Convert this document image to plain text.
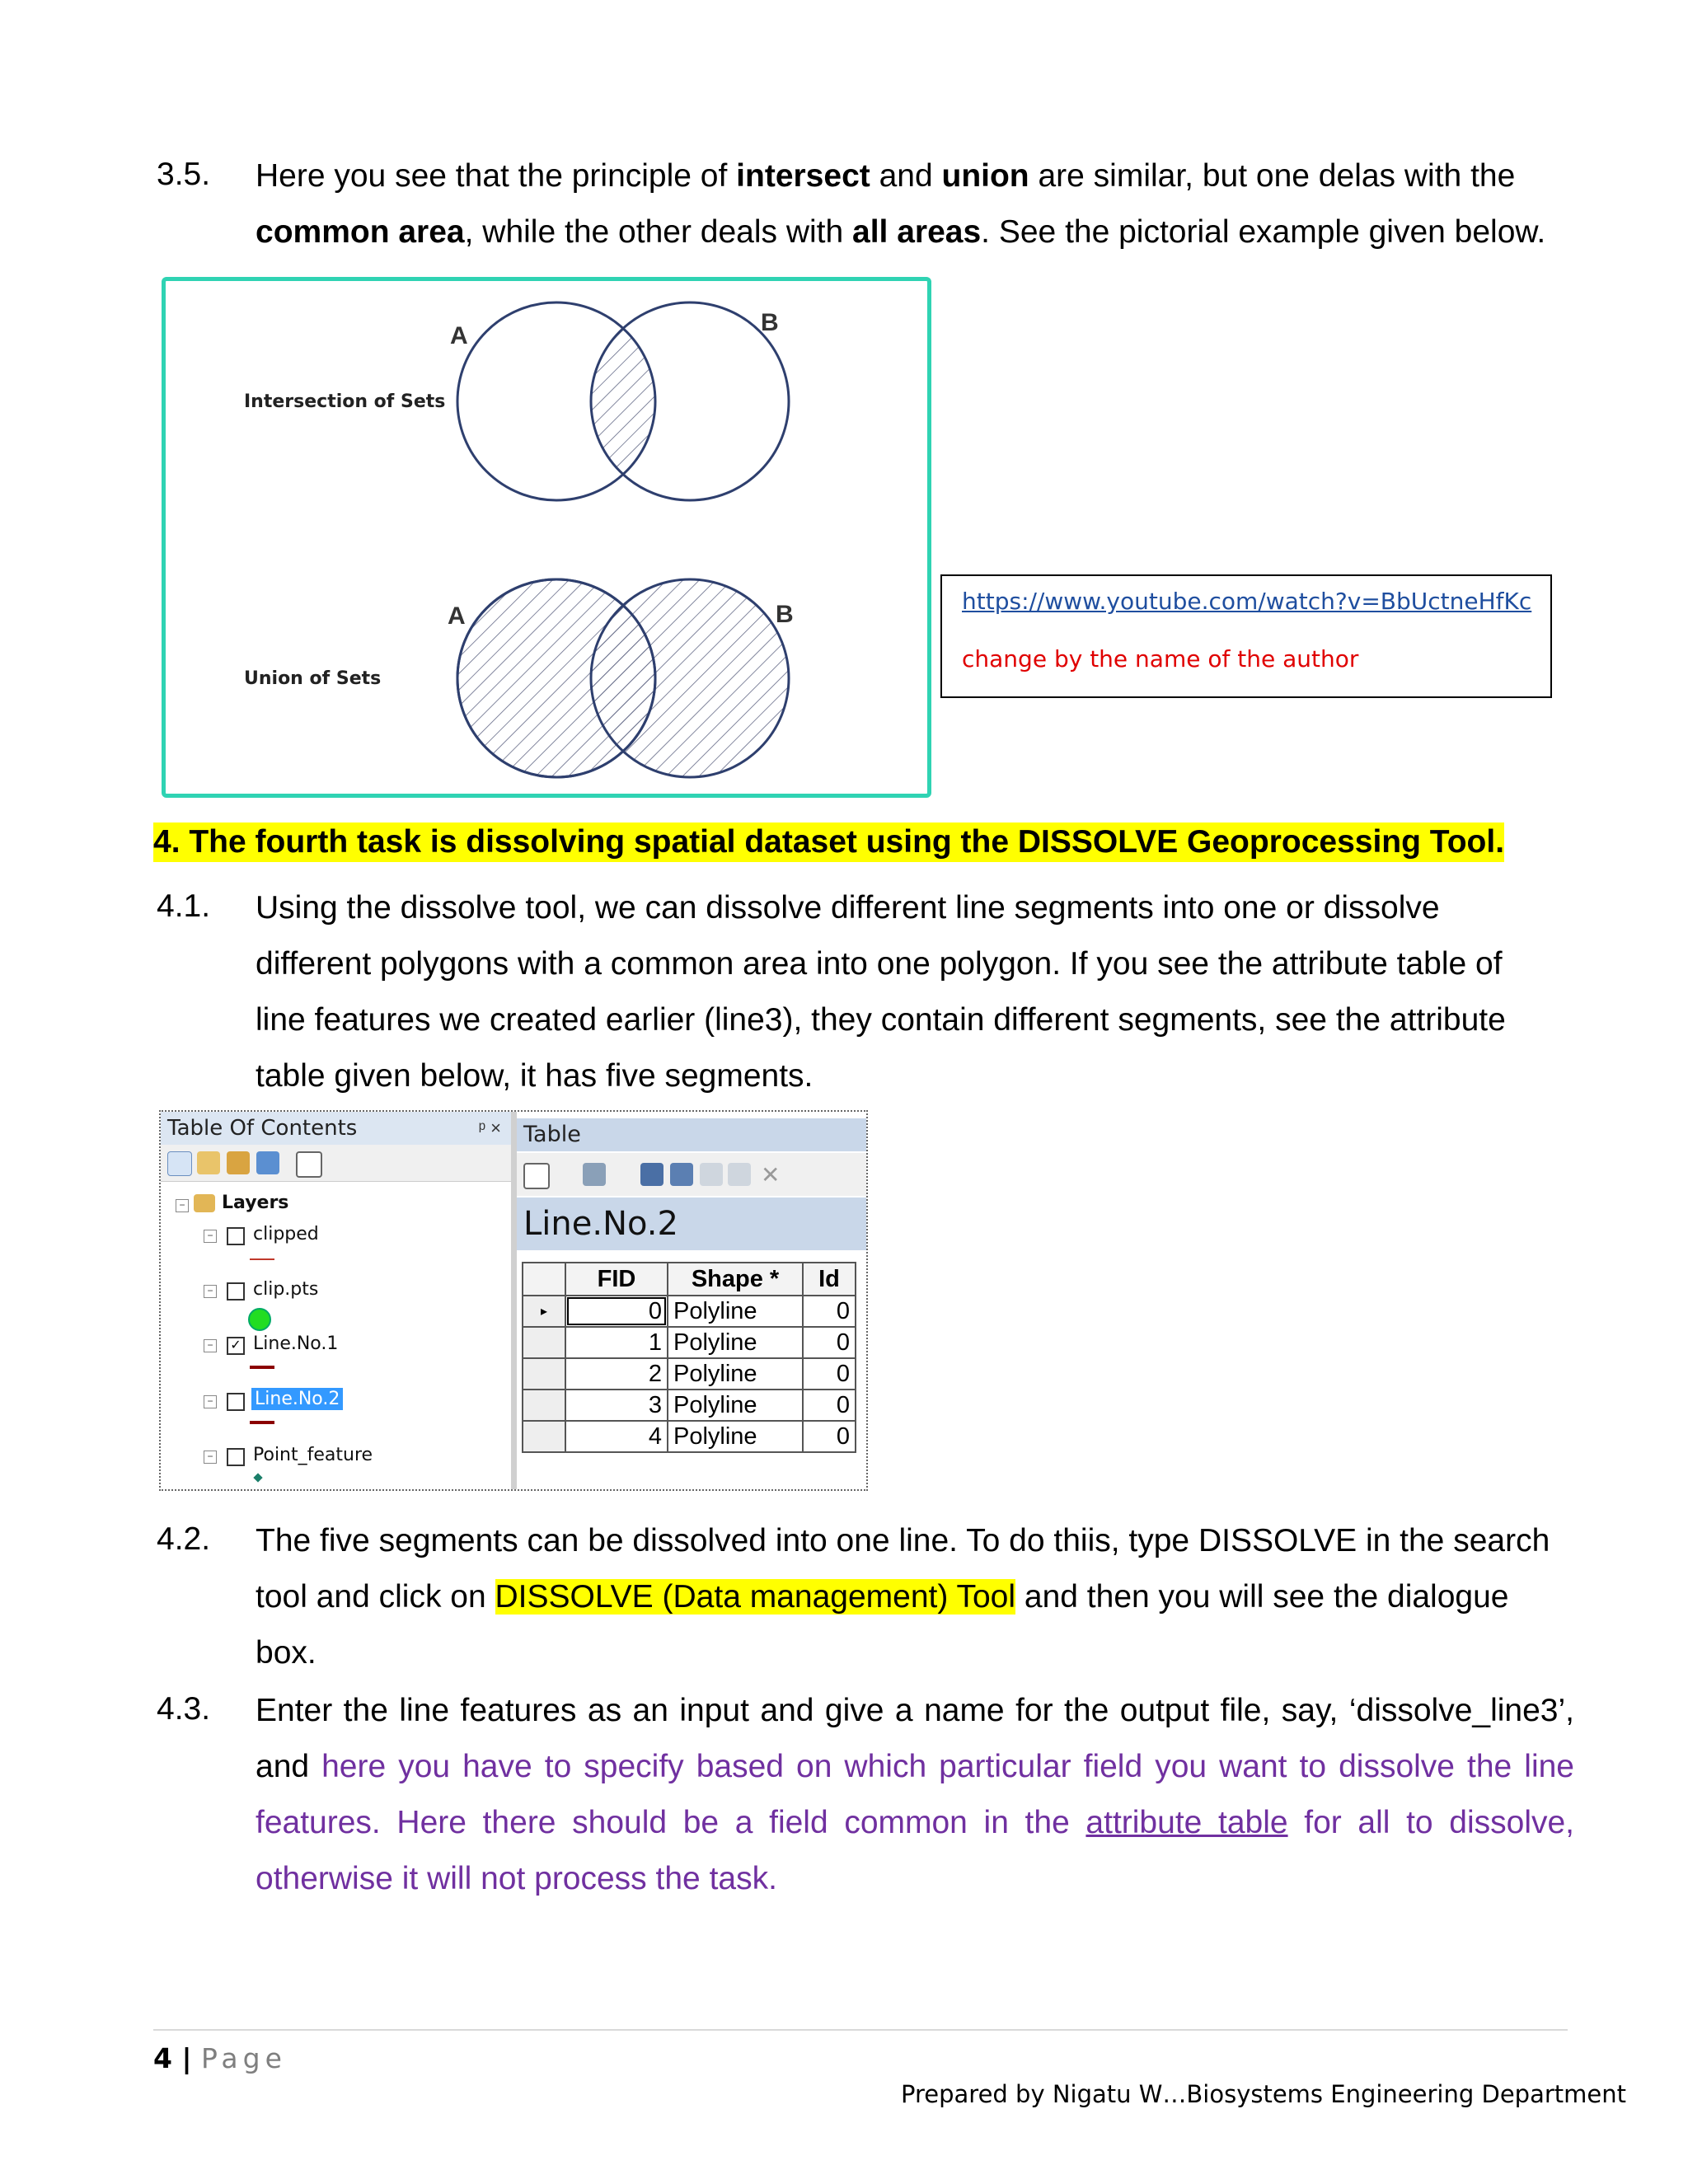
3.5. Here you see that the principle of intersect and union are similar, but one delas with the common area, while the other deals with all areas. See the pictorial example given below.
Intersection of Sets
Union of Sets
A	B
A	B	https://www.youtube.com/watch?v=BbUctneHfKc
change by the name of the author
4. The fourth task is dissolving spatial dataset using the DISSOLVE Geoprocessing Tool.
4.1. Using the dissolve tool, we can dissolve different line segments into one or dissolve different polygons with a common area into one polygon. If you see the attribute table of line features we created earlier (line3), they contain different segments, see the attribute table given below, it has five segments.
Table Of Contents	ᵖ ×
− Layers
− clipped
− clip.pts
− ✓ Line.No.1
− Line.No.2
− Point_feature
Table
✕
Line.No.2
	FID	Shape *	Id
▸	0	Polyline	0
	1	Polyline	0
	2	Polyline	0
	3	Polyline	0
	4	Polyline	0
4.2. The five segments can be dissolved into one line. To do thiis, type DISSOLVE in the search tool and click on DISSOLVE (Data management) Tool and then you will see the dialogue box.
4.3. Enter the line features as an input and give a name for the output file, say, ‘dissolve_line3’, and here you have to specify based on which particular field you want to dissolve the line features. Here there should be a field common in the attribute table for all to dissolve, otherwise it will not process the task.
4 | Page
Prepared by Nigatu W…Biosystems Engineering Department
